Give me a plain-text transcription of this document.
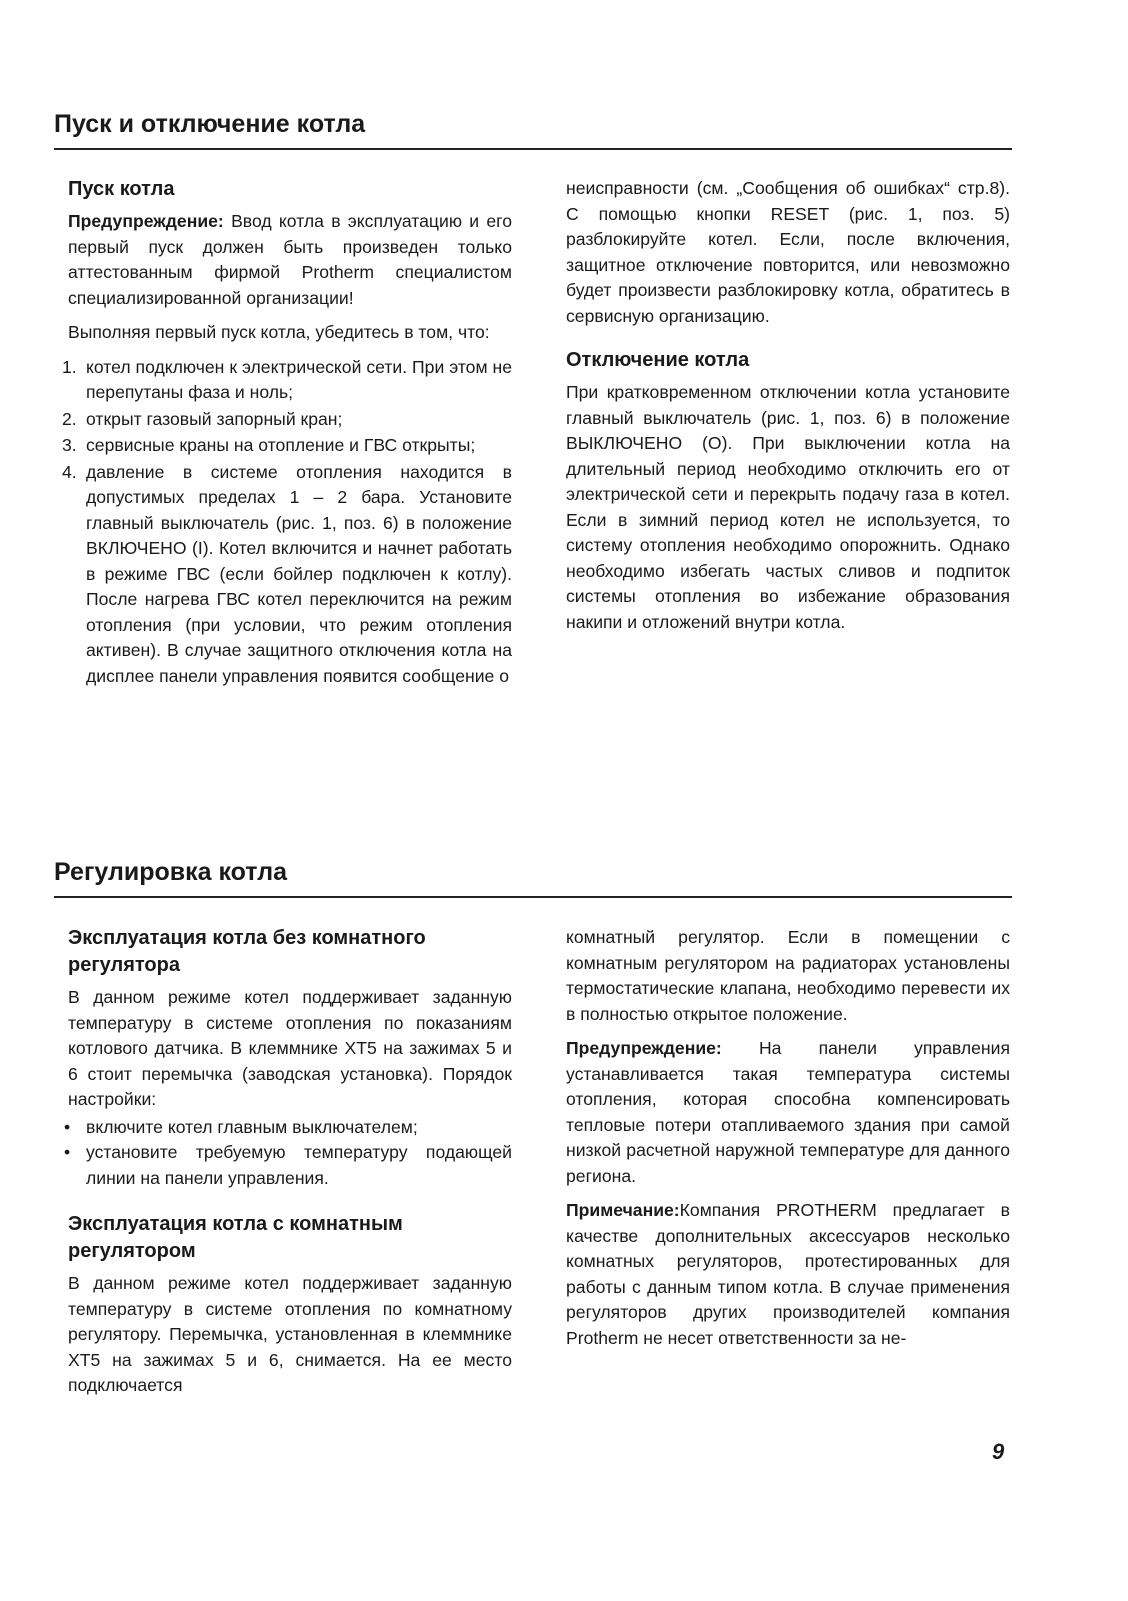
Пуск и отключение котла
Пуск котла

Предупреждение: Ввод котла в эксплуатацию и его первый пуск должен быть произведен только аттестованным фирмой Protherm специалистом специализированной организации!

Выполняя первый пуск котла, убедитесь в том, что:

1. котел подключен к электрической сети. При этом не перепутаны фаза и ноль;
2. открыт газовый запорный кран;
3. сервисные краны на отопление и ГВС открыты;
4. давление в системе отопления находится в допустимых пределах 1 – 2 бара. Установите главный выключатель (рис. 1, поз. 6) в положение ВКЛЮЧЕНО (I). Котел включится и начнет работать в режиме ГВС (если бойлер подключен к котлу). После нагрева ГВС котел переключится на режим отопления (при условии, что режим отопления активен). В случае защитного отключения котла на дисплее панели управления появится сообщение о

неисправности (см. „Сообщения об ошибках“ стр.8). С помощью кнопки RESET (рис. 1, поз. 5) разблокируйте котел. Если, после включения, защитное отключение повторится, или невозможно будет произвести разблокировку котла, обратитесь в сервисную организацию.

Отключение котла

При кратковременном отключении котла установите главный выключатель (рис. 1, поз. 6) в положение ВЫКЛЮЧЕНО (O). При выключении котла на длительный период необходимо отключить его от электрической сети и перекрыть подачу газа в котел. Если в зимний период котел не используется, то систему отопления необходимо опорожнить. Однако необходимо избегать частых сливов и подпиток системы отопления во избежание образования накипи и отложений внутри котла.

Регулировка котла
Эксплуатация котла без комнатного регулятора

В данном режиме котел поддерживает заданную температуру в системе отопления по показаниям котлового датчика. В клеммнике XT5 на зажимах 5 и 6 стоит перемычка (заводская установка). Порядок настройки:

• включите котел главным выключателем;
• установите требуемую температуру подающей линии на панели управления.
Эксплуатация котла с комнатным регулятором

В данном режиме котел поддерживает заданную температуру в системе отопления по комнатному регулятору. Перемычка, установленная в клеммнике XT5 на зажимах 5 и 6, снимается. На ее место подключается

комнатный регулятор. Если в помещении с комнатным регулятором на радиаторах установлены термостатические клапана, необходимо перевести их в полностью открытое положение.

Предупреждение: На панели управления устанавливается такая температура системы отопления, которая способна компенсировать тепловые потери отапливаемого здания при самой низкой расчетной наружной температуре для данного региона.

Примечание:Компания PROTHERM предлагает в качестве дополнительных аксессуаров несколько комнатных регуляторов, протестированных для работы с данным типом котла. В случае применения регуляторов других производителей компания Protherm не несет ответственности за не-

9
